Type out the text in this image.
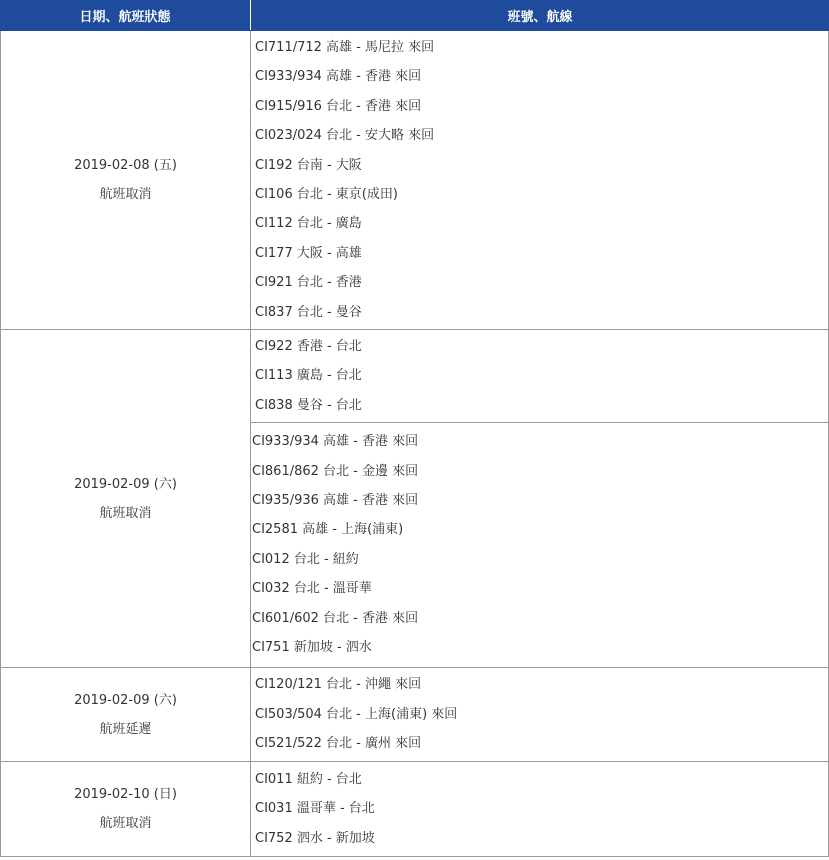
日期、航班狀態	班號、航線
2019-02-08 (五)
航班取消
CI711/712 高雄 - 馬尼拉 來回
CI933/934 高雄 - 香港 來回
CI915/916 台北 - 香港 來回
CI023/024 台北 - 安大略 來回
CI192 台南 - 大阪
CI106 台北 - 東京(成田)
CI112 台北 - 廣島
CI177 大阪 - 高雄
CI921 台北 - 香港
CI837 台北 - 曼谷
2019-02-09 (六)
航班取消
CI922 香港 - 台北
CI113 廣島 - 台北
CI838 曼谷 - 台北
CI933/934 高雄 - 香港 來回
CI861/862 台北 - 金邊 來回
CI935/936 高雄 - 香港 來回
CI2581 高雄 - 上海(浦東)
CI012 台北 - 紐約
CI032 台北 - 溫哥華
CI601/602 台北 - 香港 來回
CI751 新加坡 - 泗水
2019-02-09 (六)
航班延遲
CI120/121 台北 - 沖繩 來回
CI503/504 台北 - 上海(浦東) 來回
CI521/522 台北 - 廣州 來回
2019-02-10 (日)
航班取消
CI011 紐約 - 台北
CI031 溫哥華 - 台北
CI752 泗水 - 新加坡
